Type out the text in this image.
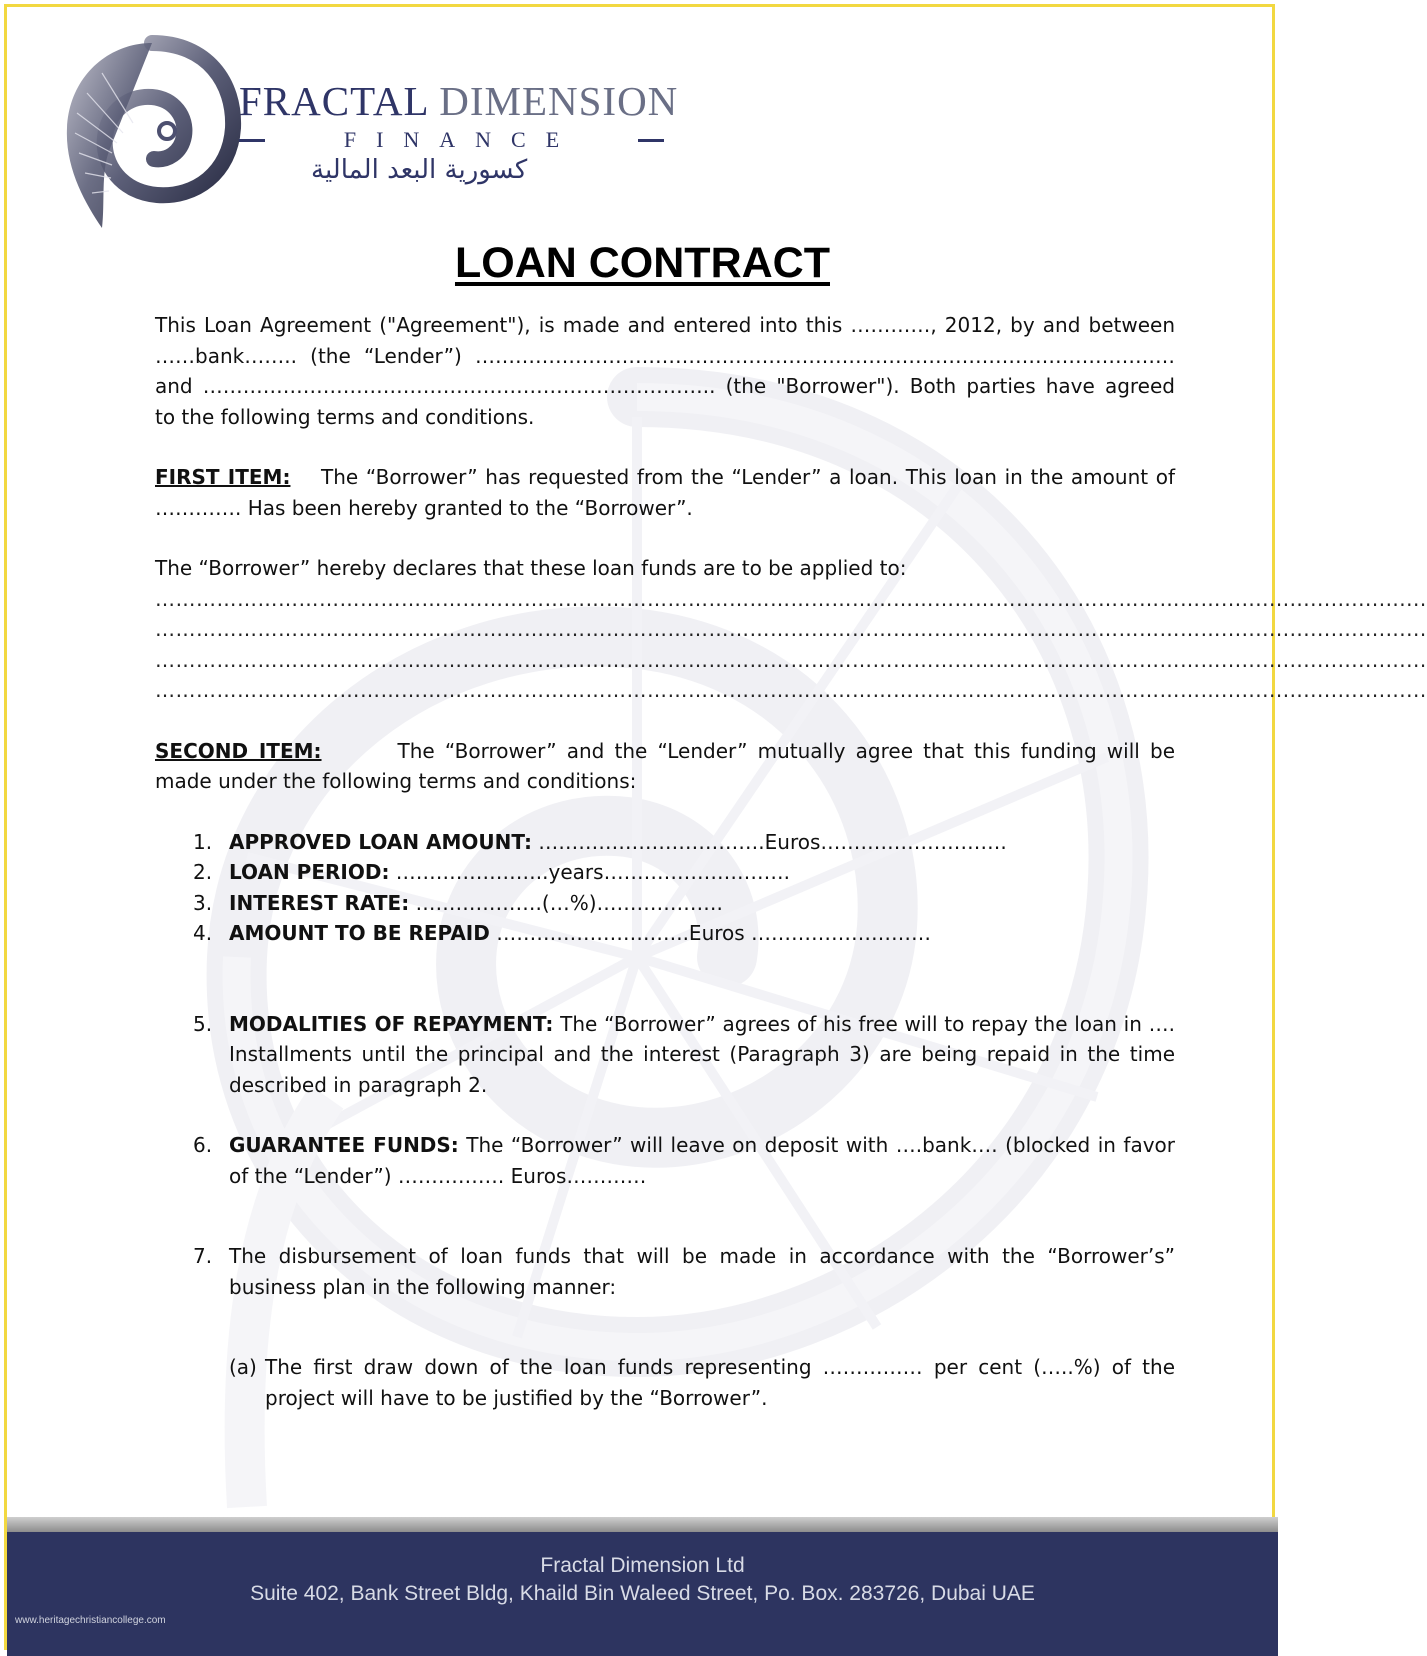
FRACTAL DIMENSION
FINANCE
كسورية البعد المالية
LOAN CONTRACT

This Loan Agreement ("Agreement"), is made and entered into this …………, 2012, by and between ……bank…….. (the “Lender”) …………………………………………………………………………………………… and ………………………………………………………………….. (the "Borrower"). Both parties have agreed to the following terms and conditions.

FIRST ITEM: The “Borrower” has requested from the “Lender” a loan. This loan in the amount of …………. Has been hereby granted to the “Borrower”.

The “Borrower” hereby declares that these loan funds are to be applied to:

…………………………………………………………………………………………………………………………………………..............................
…………………………………………………………………………………………………………………………………………..............................
…………………………………………………………………………………………………………………………………………..............................
…………………………………………………………………………………………………………………………………………..............................

SECOND ITEM:	The “Borrower” and the “Lender” mutually agree that this funding will be made under the following terms and conditions:

1. APPROVED LOAN AMOUNT: …………………………….Euros……………………….
2. LOAN PERIOD: …………………..years……………………….
3. INTEREST RATE: ……………….(…%)……………….
4. AMOUNT TO BE REPAID ………………………..Euros ………………………
5. MODALITIES OF REPAYMENT: The “Borrower” agrees of his free will to repay the loan in …. Installments until the principal and the interest (Paragraph 3) are being repaid in the time described in paragraph 2.
6. GUARANTEE FUNDS: The “Borrower” will leave on deposit with ….bank…. (blocked in favor of the “Lender”) ……………. Euros…………
7. The disbursement of loan funds that will be made in accordance with the “Borrower’s” business plan in the following manner:
(a) The first draw down of the loan funds representing …………… per cent (…..%) of the project will have to be justified by the “Borrower”.
Fractal Dimension Ltd
Suite 402, Bank Street Bldg, Khaild Bin Waleed Street, Po. Box. 283726, Dubai UAE
www.heritagechristiancollege.com
